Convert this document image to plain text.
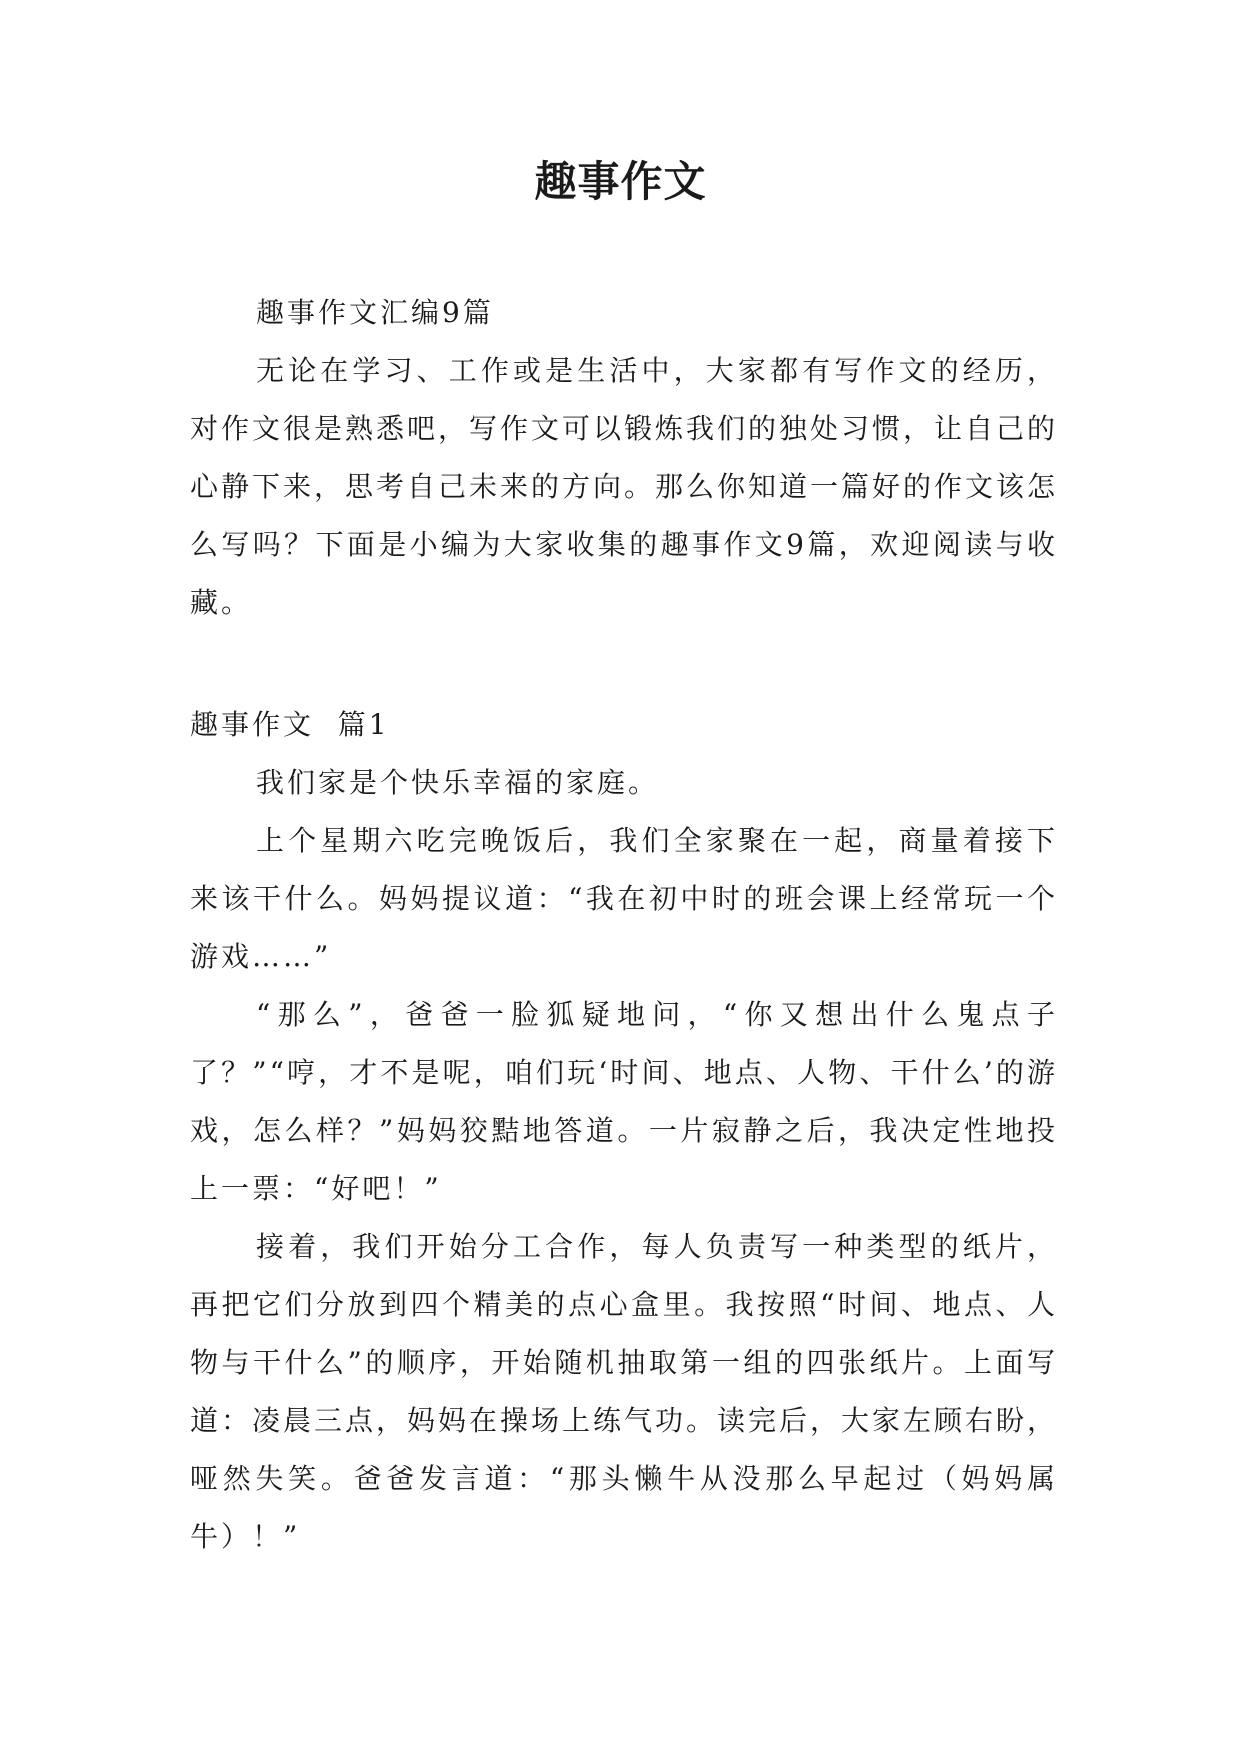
趣事作文

趣事作文汇编9篇

无论在学习、工作或是生活中，大家都有写作文的经历，对作文很是熟悉吧，写作文可以锻炼我们的独处习惯，让自己的心静下来，思考自己未来的方向。那么你知道一篇好的作文该怎么写吗？下面是小编为大家收集的趣事作文9篇，欢迎阅读与收藏。

趣事作文  篇1

我们家是个快乐幸福的家庭。

上个星期六吃完晚饭后，我们全家聚在一起，商量着接下来该干什么。妈妈提议道：“我在初中时的班会课上经常玩一个游戏……”

“那么”，爸爸一脸狐疑地问，“你又想出什么鬼点子了？”“哼，才不是呢，咱们玩‘时间、地点、人物、干什么’的游戏，怎么样？”妈妈狡黠地答道。一片寂静之后，我决定性地投上一票：“好吧！”

接着，我们开始分工合作，每人负责写一种类型的纸片，再把它们分放到四个精美的点心盒里。我按照“时间、地点、人物与干什么”的顺序，开始随机抽取第一组的四张纸片。上面写道：凌晨三点，妈妈在操场上练气功。读完后，大家左顾右盼，哑然失笑。爸爸发言道：“那头懒牛从没那么早起过（妈妈属牛）！”
